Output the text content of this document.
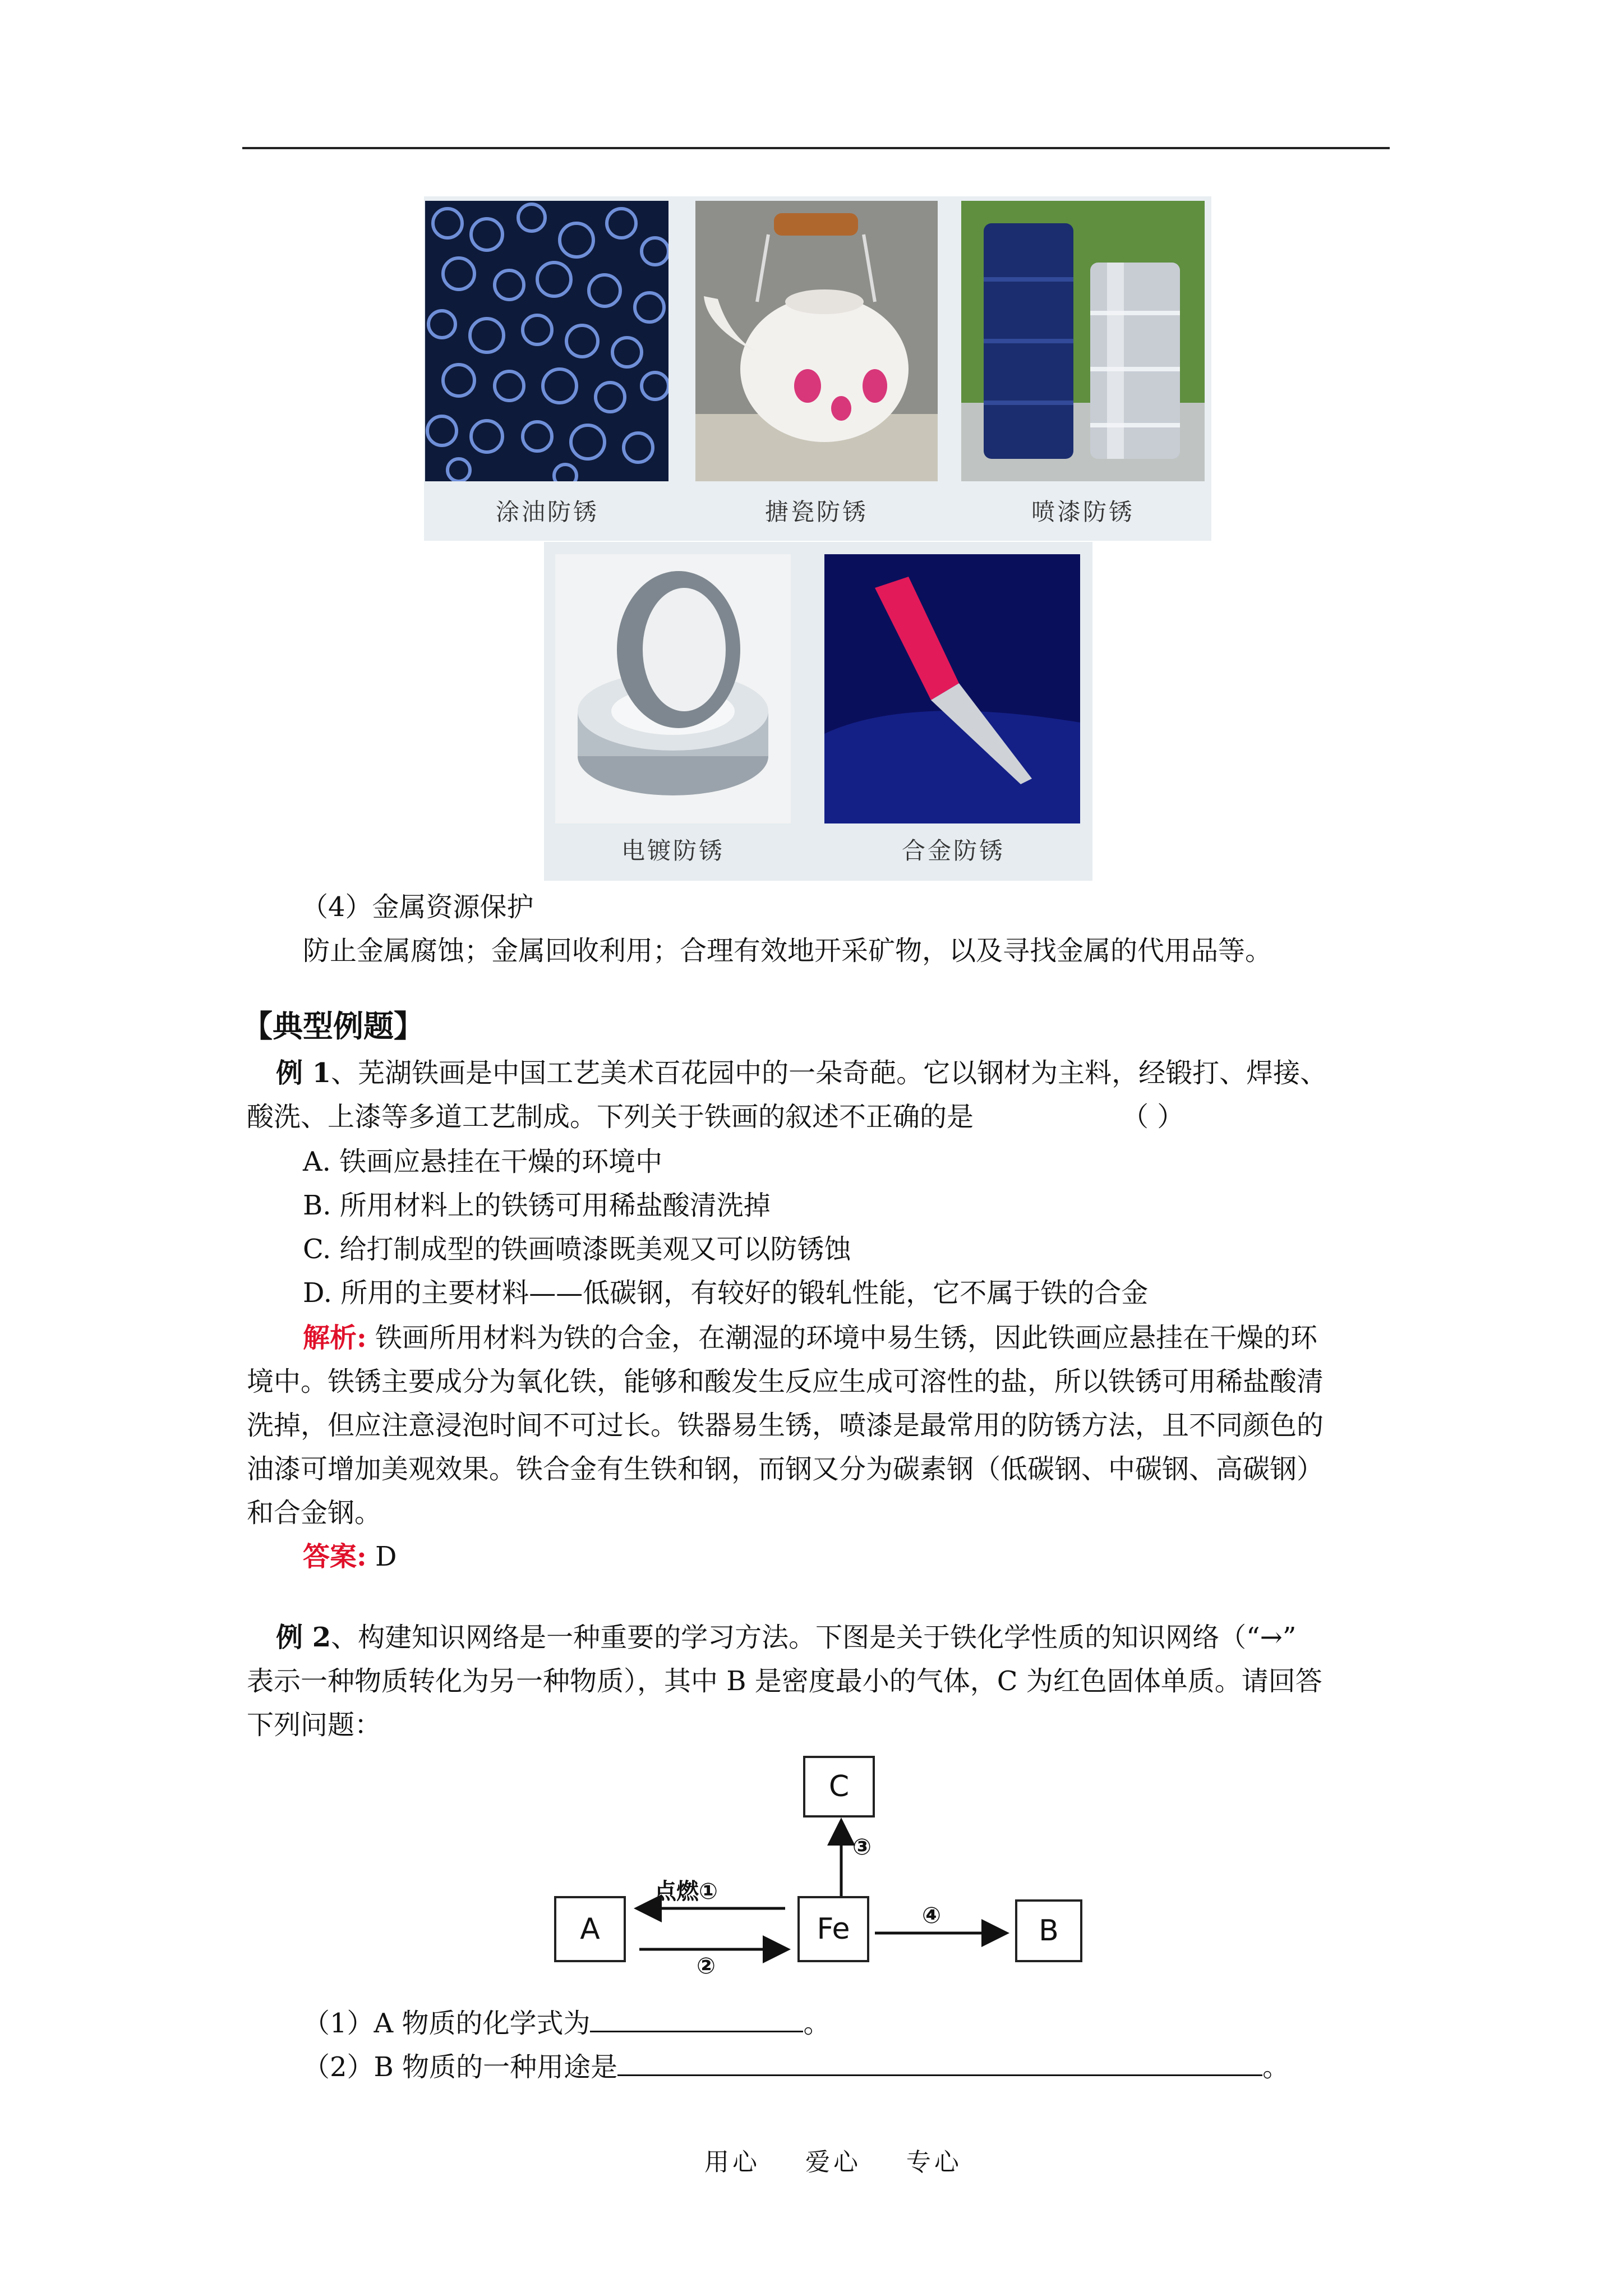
涂油防锈	搪瓷防锈	喷漆防锈
电镀防锈	合金防锈
（4）金属资源保护
防止金属腐蚀；金属回收利用；合理有效地开采矿物，以及寻找金属的代用品等。
【典型例题】
例 1、芜湖铁画是中国工艺美术百花园中的一朵奇葩。它以钢材为主料，经锻打、焊接、
酸洗、上漆等多道工艺制成。下列关于铁画的叙述不正确的是	（ ）
A. 铁画应悬挂在干燥的环境中
B. 所用材料上的铁锈可用稀盐酸清洗掉
C. 给打制成型的铁画喷漆既美观又可以防锈蚀
D. 所用的主要材料——低碳钢，有较好的锻轧性能，它不属于铁的合金
解析: 铁画所用材料为铁的合金，在潮湿的环境中易生锈，因此铁画应悬挂在干燥的环
境中。铁锈主要成分为氧化铁，能够和酸发生反应生成可溶性的盐，所以铁锈可用稀盐酸清
洗掉，但应注意浸泡时间不可过长。铁器易生锈，喷漆是最常用的防锈方法，且不同颜色的
油漆可增加美观效果。铁合金有生铁和钢，而钢又分为碳素钢（低碳钢、中碳钢、高碳钢）
和合金钢。
答案: D
例 2、构建知识网络是一种重要的学习方法。下图是关于铁化学性质的知识网络（“→”
表示一种物质转化为另一种物质），其中 B 是密度最小的气体，C 为红色固体单质。请回答
下列问题：
A	Fe	B
C
点燃①
②
③
④
（1）A 物质的化学式为	。
（2）B 物质的一种用途是	。
用心    爱心    专心
